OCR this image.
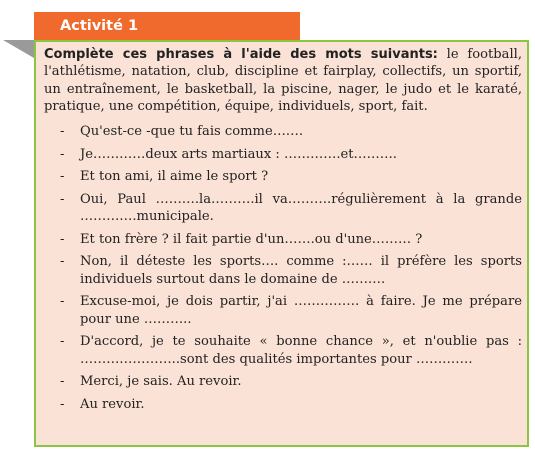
Activité 1

Complète ces phrases à l'aide des mots suivants: le football, l'athlétisme, natation, club, discipline et fairplay, collectifs, un sportif, un entraînement, le basketball, la piscine, nager, le judo et le karaté, pratique, une compétition, équipe, individuels, sport, fait.

- Qu'est-ce -que tu fais comme…….
- Je…………deux arts martiaux : ………….et……….
- Et ton ami, il aime le sport ?
- Oui, Paul ……….la……….il va……….régulièrement à la grande ………….municipale.
- Et ton frère ? il fait partie d'un…….ou d'une……… ?
- Non, il déteste les sports…. comme :…… il préfère les sports individuels surtout dans le domaine de ……….
- Excuse-moi, je dois partir, j'ai …………… à faire. Je me prépare pour une ………..
- D'accord, je te souhaite « bonne chance », et n'oublie pas : …………………..sont des qualités importantes pour ………….
- Merci, je sais. Au revoir.
- Au revoir.
